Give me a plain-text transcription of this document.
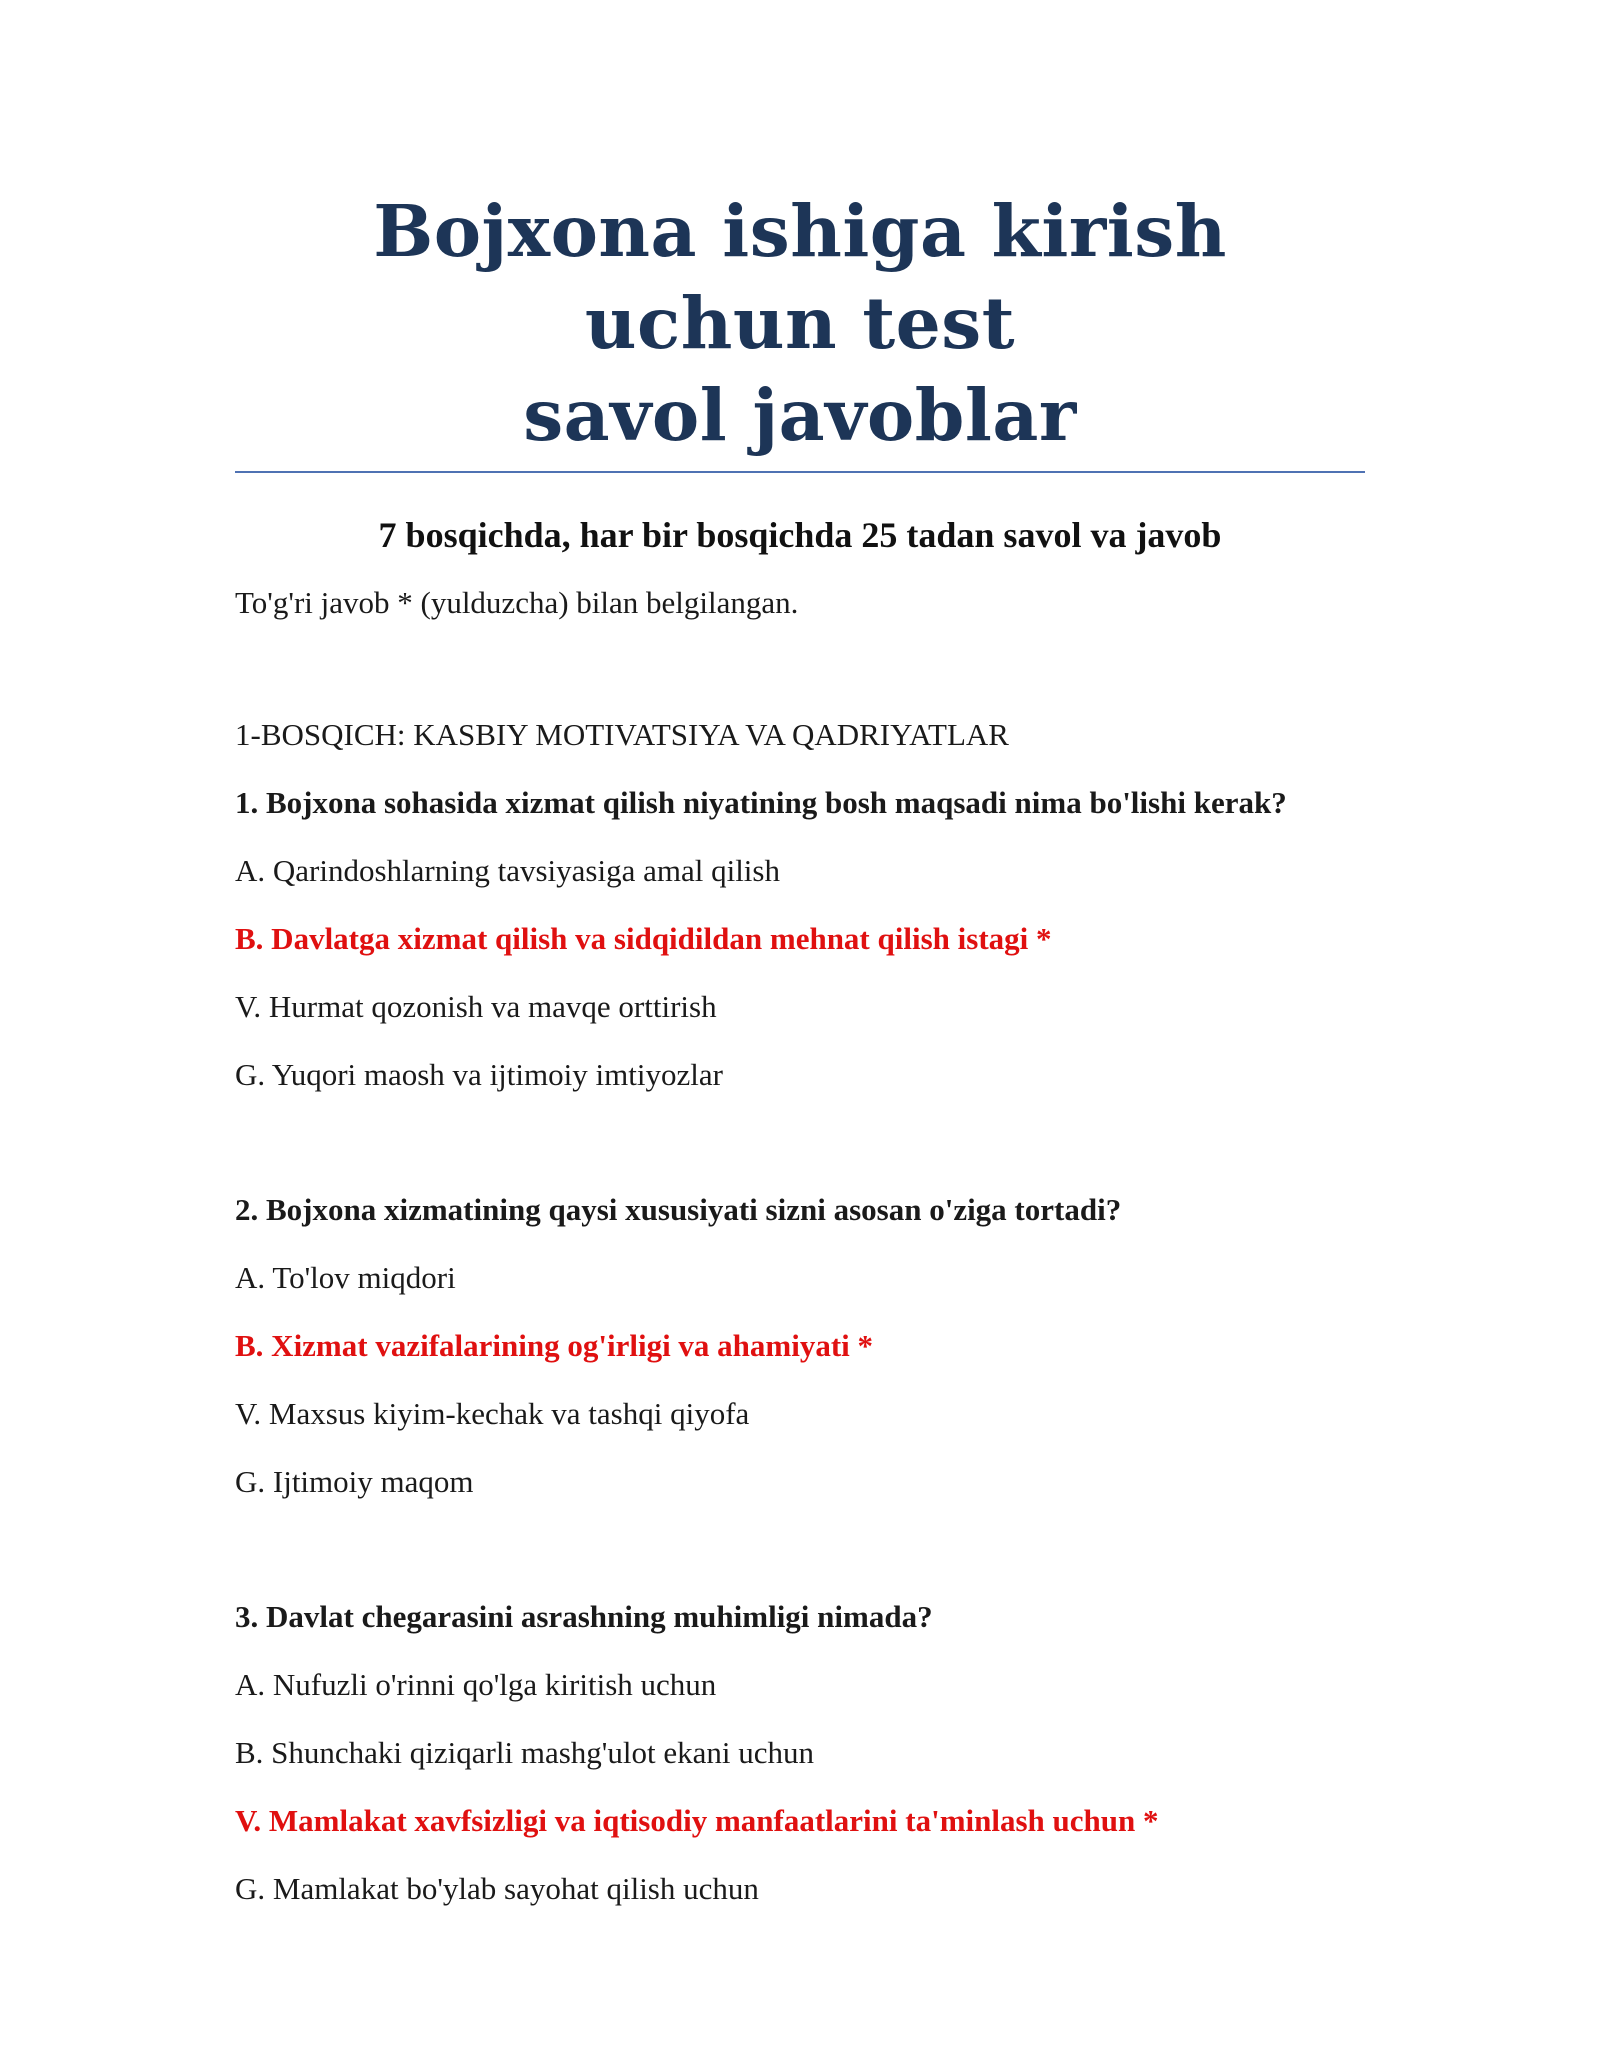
Bojxona ishiga kirish uchun test
savol javoblar

7 bosqichda, har bir bosqichda 25 tadan savol va javob

To'g'ri javob * (yulduzcha) bilan belgilangan.

1-BOSQICH: KASBIY MOTIVATSIYA VA QADRIYATLAR

1. Bojxona sohasida xizmat qilish niyatining bosh maqsadi nima bo'lishi kerak?

A. Qarindoshlarning tavsiyasiga amal qilish

B. Davlatga xizmat qilish va sidqidildan mehnat qilish istagi *

V. Hurmat qozonish va mavqe orttirish

G. Yuqori maosh va ijtimoiy imtiyozlar

2. Bojxona xizmatining qaysi xususiyati sizni asosan o'ziga tortadi?

A. To'lov miqdori

B. Xizmat vazifalarining og'irligi va ahamiyati *

V. Maxsus kiyim-kechak va tashqi qiyofa

G. Ijtimoiy maqom

3. Davlat chegarasini asrashning muhimligi nimada?

A. Nufuzli o'rinni qo'lga kiritish uchun

B. Shunchaki qiziqarli mashg'ulot ekani uchun

V. Mamlakat xavfsizligi va iqtisodiy manfaatlarini ta'minlash uchun *

G. Mamlakat bo'ylab sayohat qilish uchun
